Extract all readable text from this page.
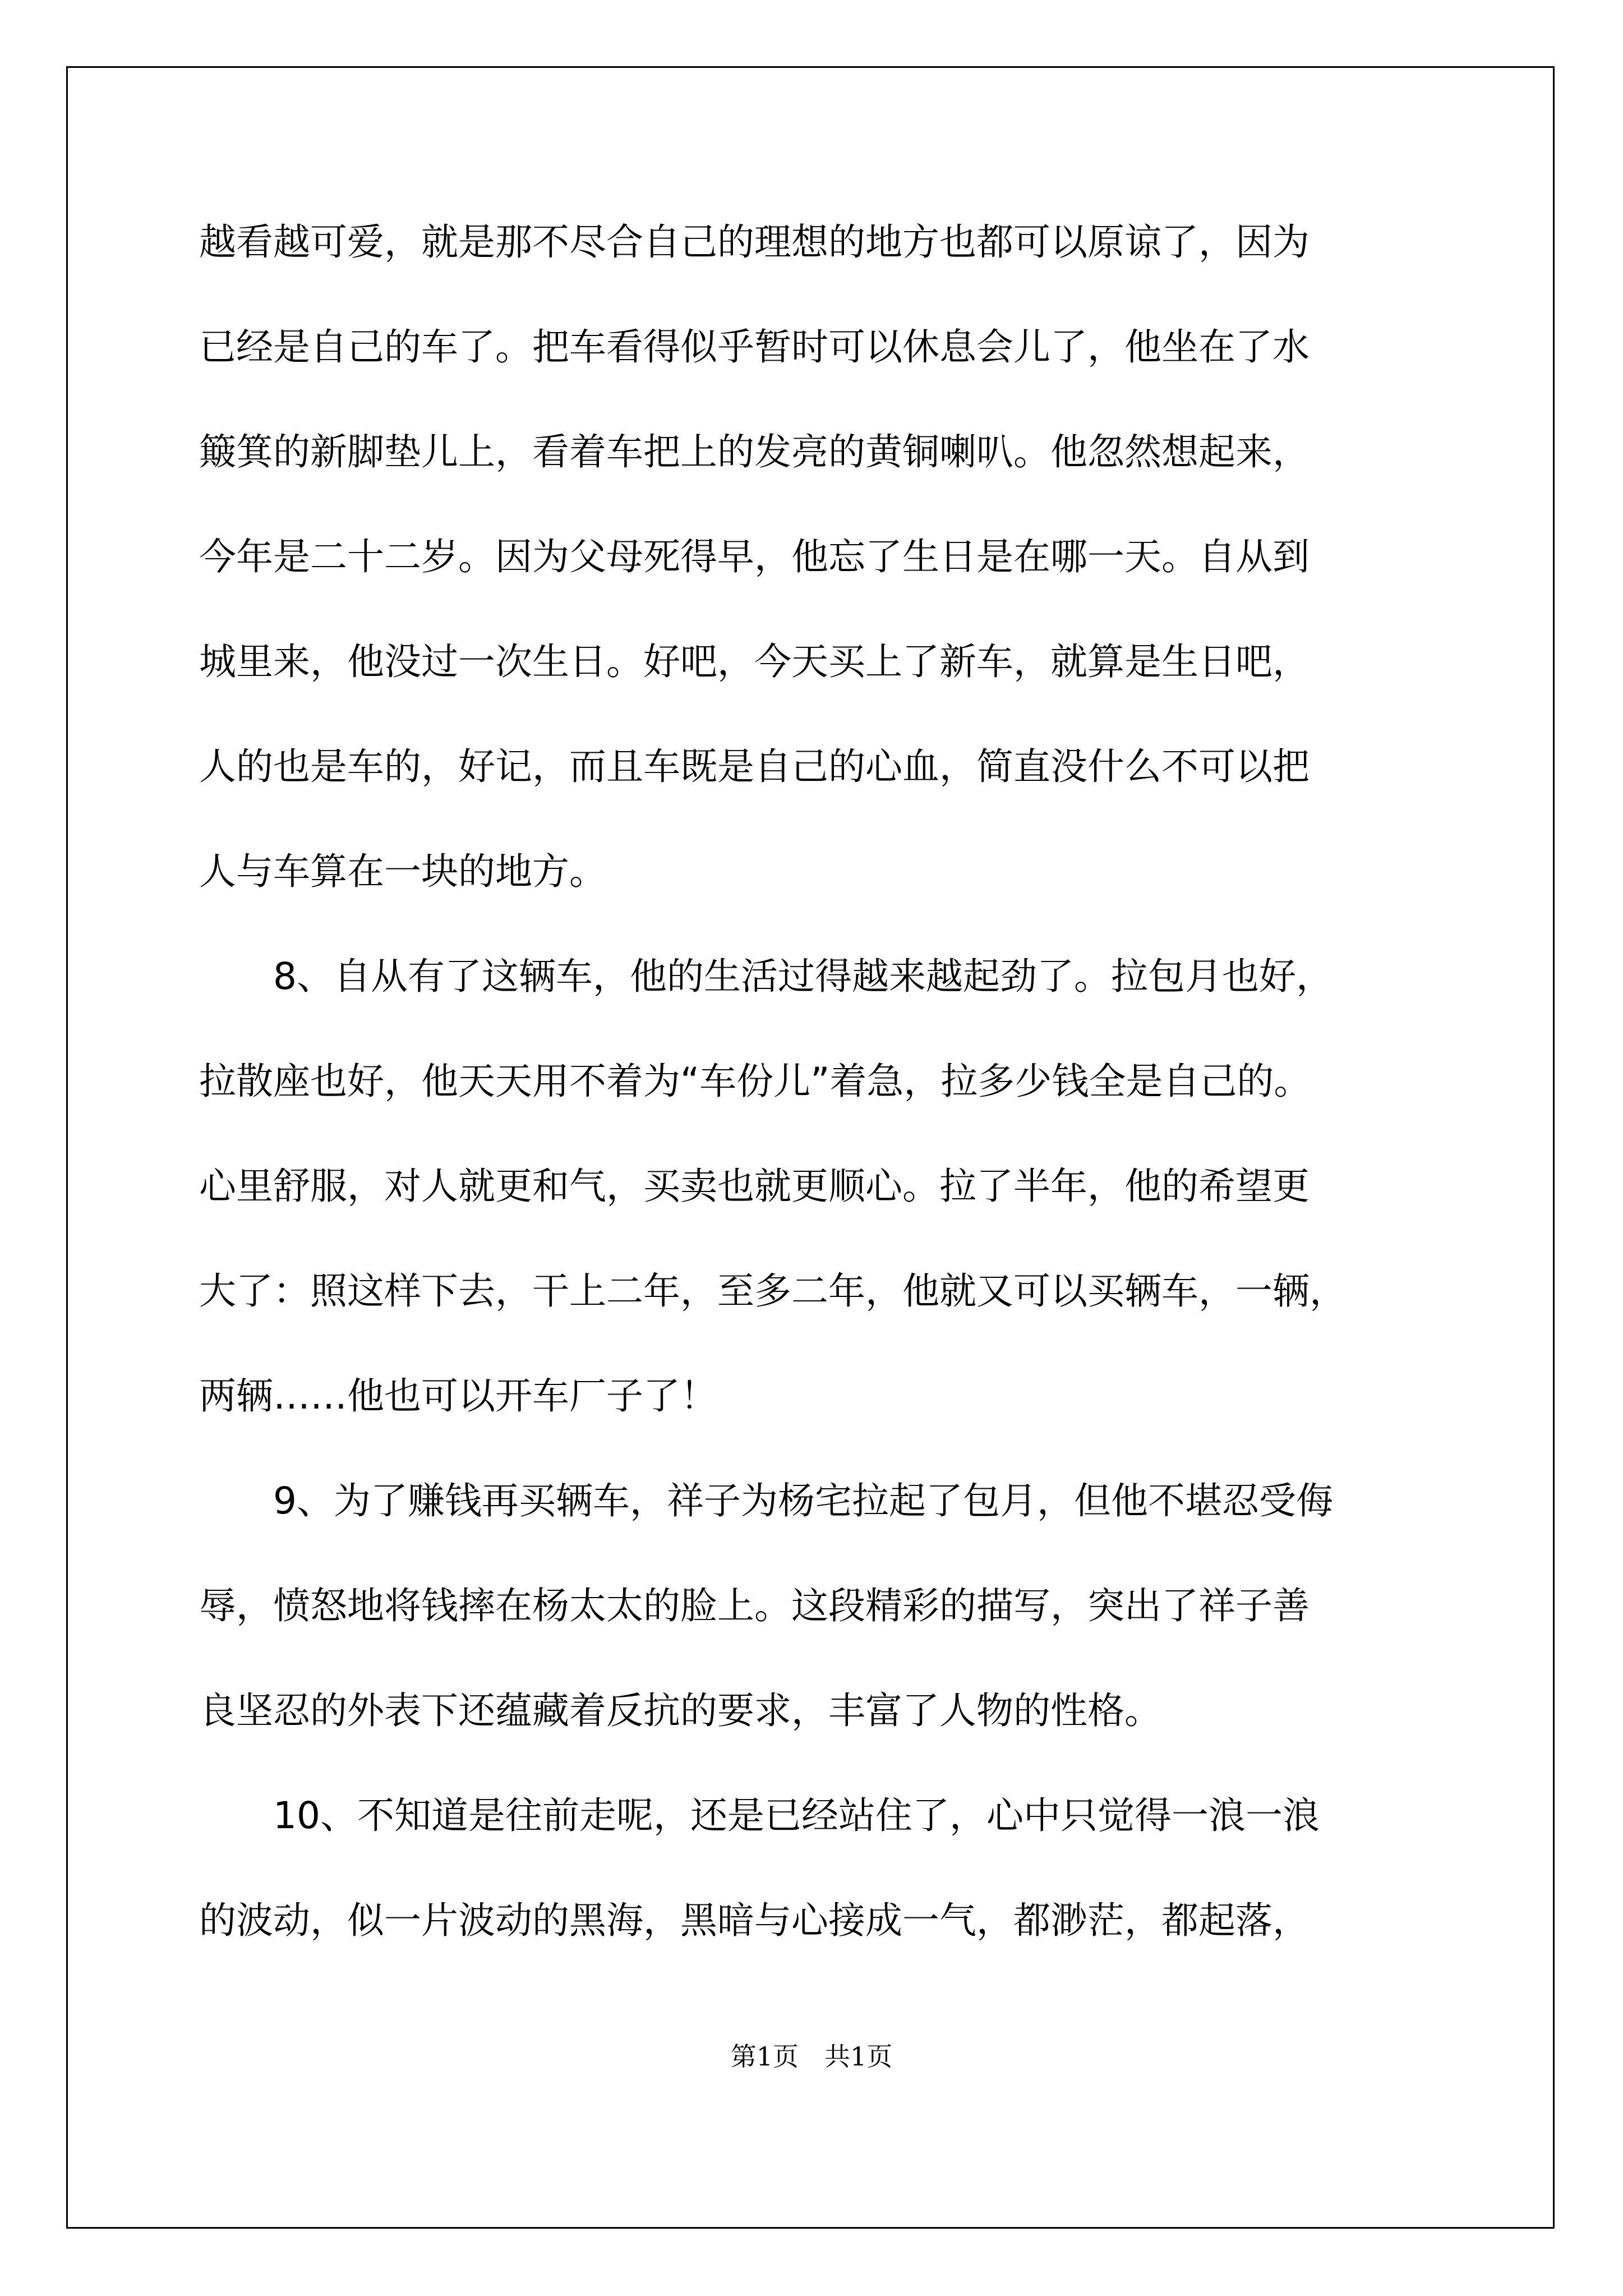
越看越可爱，就是那不尽合自己的理想的地方也都可以原谅了，因为
已经是自己的车了。把车看得似乎暂时可以休息会儿了，他坐在了水
簸箕的新脚垫儿上，看着车把上的发亮的黄铜喇叭。他忽然想起来，
今年是二十二岁。因为父母死得早，他忘了生日是在哪一天。自从到
城里来，他没过一次生日。好吧，今天买上了新车，就算是生日吧，
人的也是车的，好记，而且车既是自己的心血，简直没什么不可以把
人与车算在一块的地方。
8、自从有了这辆车，他的生活过得越来越起劲了。拉包月也好，
拉散座也好，他天天用不着为“车份儿”着急，拉多少钱全是自己的。
心里舒服，对人就更和气，买卖也就更顺心。拉了半年，他的希望更
大了：照这样下去，干上二年，至多二年，他就又可以买辆车，一辆，
两辆……他也可以开车厂子了！
9、为了赚钱再买辆车，祥子为杨宅拉起了包月，但他不堪忍受侮
辱，愤怒地将钱摔在杨太太的脸上。这段精彩的描写，突出了祥子善
良坚忍的外表下还蕴藏着反抗的要求，丰富了人物的性格。
10、不知道是往前走呢，还是已经站住了，心中只觉得一浪一浪
的波动，似一片波动的黑海，黑暗与心接成一气，都渺茫，都起落，
第1页　共1页
